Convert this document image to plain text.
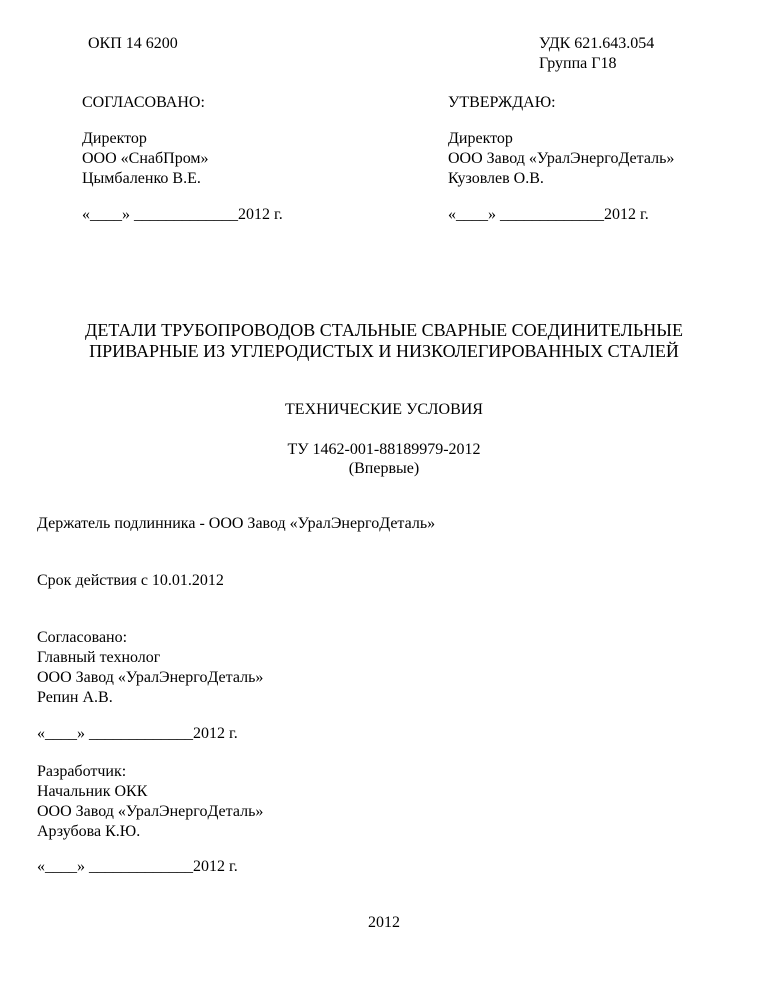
ОКП 14 6200	УДК 621.643.054
Группа Г18
СОГЛАСОВАНО:
Директор
ООО «СнабПром»
Цымбаленко В.Е.
«____» _____________2012 г.
УТВЕРЖДАЮ:
Директор
ООО Завод «УралЭнергоДеталь»
Кузовлев О.В.
«____» _____________2012 г.
ДЕТАЛИ ТРУБОПРОВОДОВ СТАЛЬНЫЕ СВАРНЫЕ СОЕДИНИТЕЛЬНЫЕ
ПРИВАРНЫЕ ИЗ УГЛЕРОДИСТЫХ И НИЗКОЛЕГИРОВАННЫХ СТАЛЕЙ
ТЕХНИЧЕСКИЕ УСЛОВИЯ
ТУ 1462-001-88189979-2012
(Впервые)
Держатель подлинника - ООО Завод «УралЭнергоДеталь»
Срок действия с 10.01.2012
Согласовано:
Главный технолог
ООО Завод «УралЭнергоДеталь»
Репин А.В.
«____» _____________2012 г.
Разработчик:
Начальник ОКК
ООО Завод «УралЭнергоДеталь»
Арзубова К.Ю.
«____» _____________2012 г.
2012
